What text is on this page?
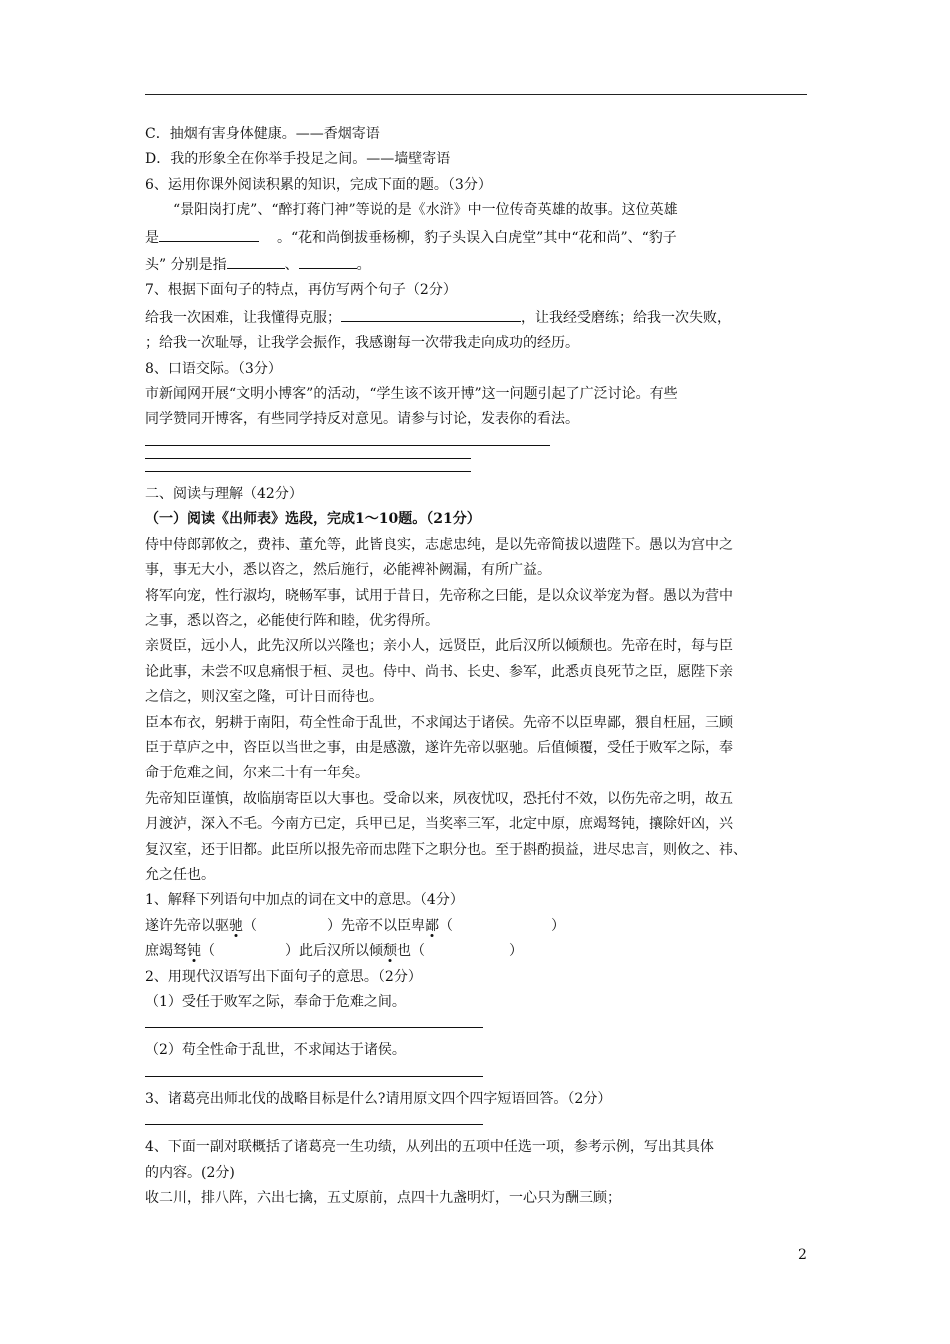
C．抽烟有害身体健康。——香烟寄语
D．我的形象全在你举手投足之间。——墙壁寄语
6、运用你课外阅读积累的知识，完成下面的题。（3分）
“景阳岗打虎”、“醉打蒋门神”等说的是《水浒》中一位传奇英雄的故事。这位英雄
是	。“花和尚倒拔垂杨柳，豹子头误入白虎堂”其中“花和尚”、“豹子
头” 分别是指	、	。
7、根据下面句子的特点，再仿写两个句子（2分）
给我一次困难，让我懂得克服；	，让我经受磨练；给我一次失败，
；给我一次耻辱，让我学会振作，我感谢每一次带我走向成功的经历。
8、口语交际。（3分）
市新闻网开展“文明小博客”的活动，“学生该不该开博”这一问题引起了广泛讨论。有些
同学赞同开博客，有些同学持反对意见。请参与讨论，发表你的看法。
二、阅读与理解（42分）
（一）阅读《出师表》选段，完成1～10题。（21分）
侍中侍郎郭攸之，费祎、董允等，此皆良实，志虑忠纯，是以先帝简拔以遗陛下。愚以为宫中之
事，事无大小，悉以咨之，然后施行，必能裨补阙漏，有所广益。
将军向宠，性行淑均，晓畅军事，试用于昔日，先帝称之曰能，是以众议举宠为督。愚以为营中
之事，悉以咨之，必能使行阵和睦，优劣得所。
亲贤臣，远小人，此先汉所以兴隆也；亲小人，远贤臣，此后汉所以倾颓也。先帝在时，每与臣
论此事，未尝不叹息痛恨于桓、灵也。侍中、尚书、长史、参军，此悉贞良死节之臣，愿陛下亲
之信之，则汉室之隆，可计日而待也。
臣本布衣，躬耕于南阳，苟全性命于乱世，不求闻达于诸侯。先帝不以臣卑鄙，猥自枉屈，三顾
臣于草庐之中，咨臣以当世之事，由是感激，遂许先帝以驱驰。后值倾覆，受任于败军之际，奉
命于危难之间，尔来二十有一年矣。
先帝知臣谨慎，故临崩寄臣以大事也。受命以来，夙夜忧叹，恐托付不效，以伤先帝之明，故五
月渡泸，深入不毛。今南方已定，兵甲已足，当奖率三军，北定中原，庶竭驽钝，攘除奸凶，兴
复汉室，还于旧都。此臣所以报先帝而忠陛下之职分也。至于斟酌损益，进尽忠言，则攸之、祎、
允之任也。
1、解释下列语句中加点的词在文中的意思。（4分）
遂许先帝以驱驰（　　　　　）先帝不以臣卑鄙（　　　　　　　）
庶竭驽钝（　　　　　）此后汉所以倾颓也（　　　　　　）
2、用现代汉语写出下面句子的意思。（2分）
（1）受任于败军之际，奉命于危难之间。
（2）苟全性命于乱世，不求闻达于诸侯。
3、诸葛亮出师北伐的战略目标是什么?请用原文四个四字短语回答。（2分）
4、下面一副对联概括了诸葛亮一生功绩，从列出的五项中任选一项，参考示例，写出其具体
的内容。(2分)
收二川，排八阵，六出七擒，五丈原前，点四十九盏明灯，一心只为酬三顾；
2
